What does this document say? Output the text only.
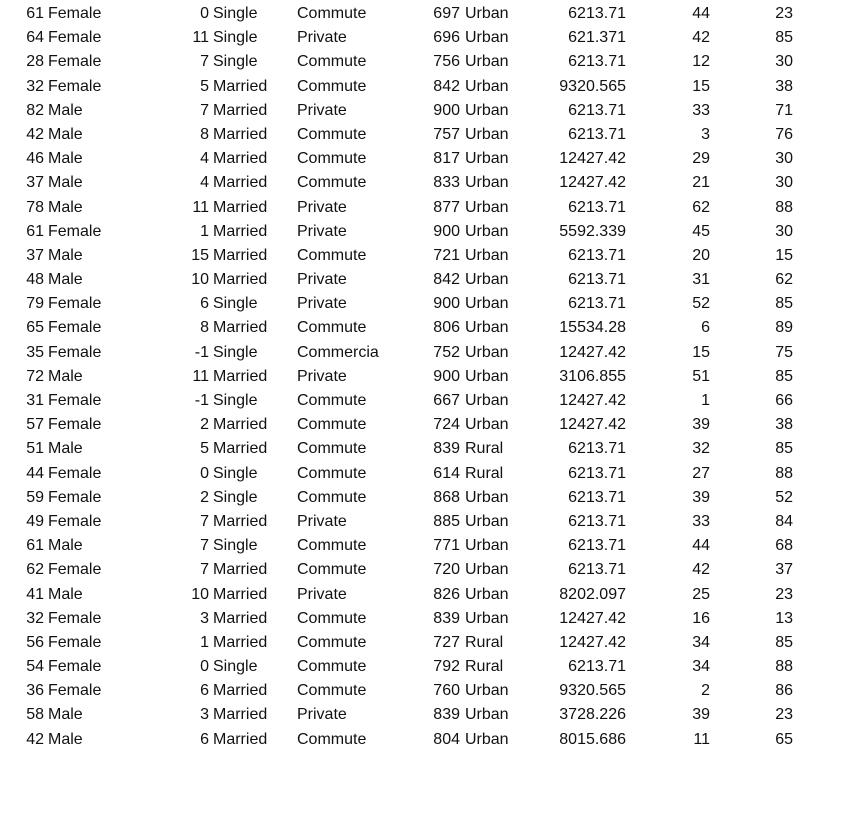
61 Female	0 Single	Commute	697 Urban	6213.71	44	23
64 Female	11 Single	Private	696 Urban	621.371	42	85
28 Female	7 Single	Commute	756 Urban	6213.71	12	30
32 Female	5 Married	Commute	842 Urban	9320.565	15	38
82 Male	7 Married	Private	900 Urban	6213.71	33	71
42 Male	8 Married	Commute	757 Urban	6213.71	3	76
46 Male	4 Married	Commute	817 Urban	12427.42	29	30
37 Male	4 Married	Commute	833 Urban	12427.42	21	30
78 Male	11 Married	Private	877 Urban	6213.71	62	88
61 Female	1 Married	Private	900 Urban	5592.339	45	30
37 Male	15 Married	Commute	721 Urban	6213.71	20	15
48 Male	10 Married	Private	842 Urban	6213.71	31	62
79 Female	6 Single	Private	900 Urban	6213.71	52	85
65 Female	8 Married	Commute	806 Urban	15534.28	6	89
35 Female	-1 Single	Commercia	752 Urban	12427.42	15	75
72 Male	11 Married	Private	900 Urban	3106.855	51	85
31 Female	-1 Single	Commute	667 Urban	12427.42	1	66
57 Female	2 Married	Commute	724 Urban	12427.42	39	38
51 Male	5 Married	Commute	839 Rural	6213.71	32	85
44 Female	0 Single	Commute	614 Rural	6213.71	27	88
59 Female	2 Single	Commute	868 Urban	6213.71	39	52
49 Female	7 Married	Private	885 Urban	6213.71	33	84
61 Male	7 Single	Commute	771 Urban	6213.71	44	68
62 Female	7 Married	Commute	720 Urban	6213.71	42	37
41 Male	10 Married	Private	826 Urban	8202.097	25	23
32 Female	3 Married	Commute	839 Urban	12427.42	16	13
56 Female	1 Married	Commute	727 Rural	12427.42	34	85
54 Female	0 Single	Commute	792 Rural	6213.71	34	88
36 Female	6 Married	Commute	760 Urban	9320.565	2	86
58 Male	3 Married	Private	839 Urban	3728.226	39	23
42 Male	6 Married	Commute	804 Urban	8015.686	11	65
